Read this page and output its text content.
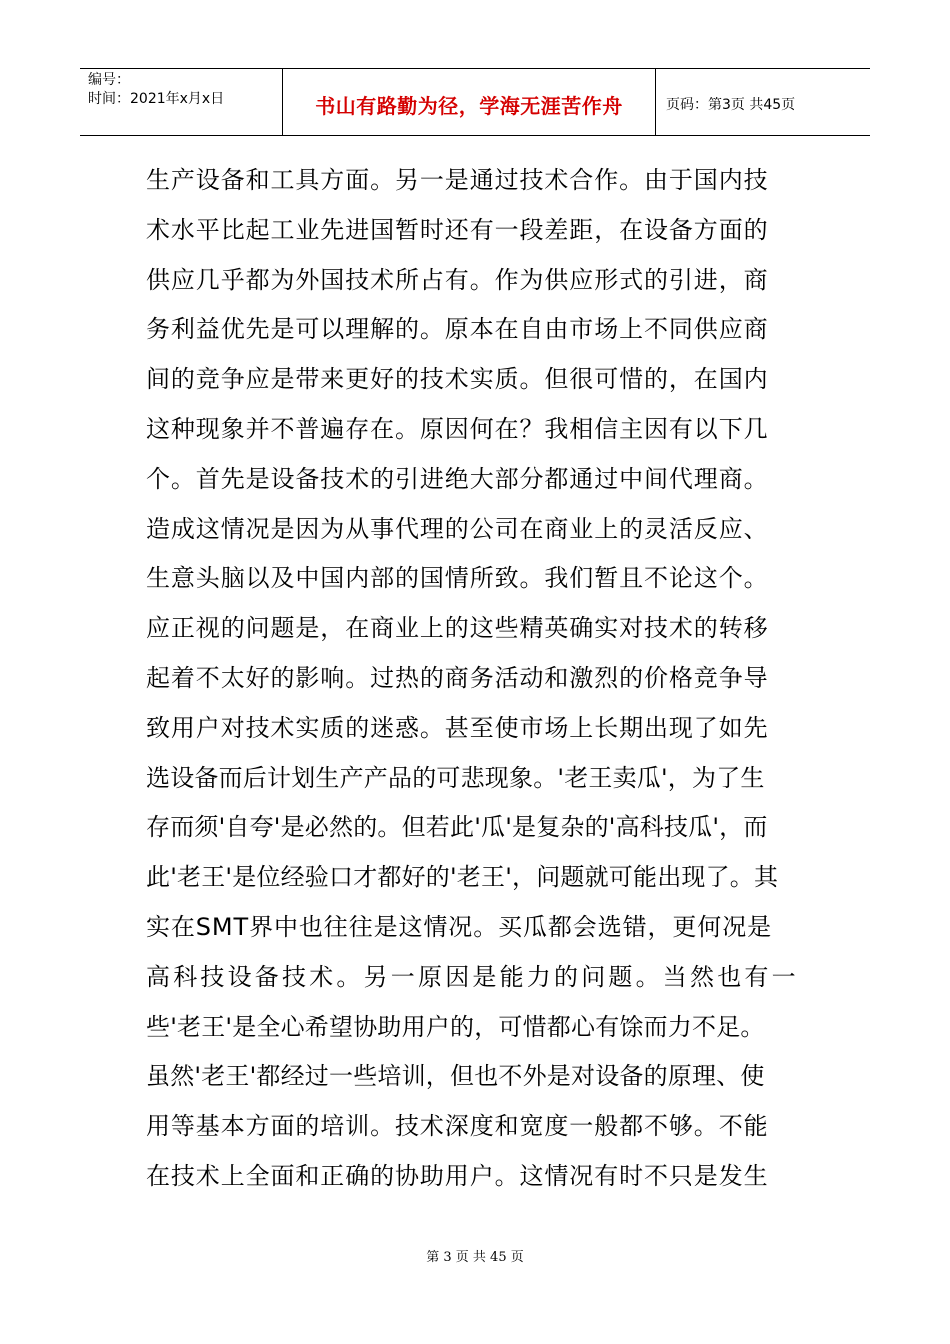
编号：
时间：2021年x月x日	书山有路勤为径，学海无涯苦作舟	页码：第3页 共45页
生产设备和工具方面。另一是通过技术合作。由于国内技
术水平比起工业先进国暂时还有一段差距，在设备方面的
供应几乎都为外国技术所占有。作为供应形式的引进，商
务利益优先是可以理解的。原本在自由市场上不同供应商
间的竞争应是带来更好的技术实质。但很可惜的，在国内
这种现象并不普遍存在。原因何在？我相信主因有以下几
个。首先是设备技术的引进绝大部分都通过中间代理商。
造成这情况是因为从事代理的公司在商业上的灵活反应、
生意头脑以及中国内部的国情所致。我们暂且不论这个。
应正视的问题是，在商业上的这些精英确实对技术的转移
起着不太好的影响。过热的商务活动和激烈的价格竞争导
致用户对技术实质的迷惑。甚至使市场上长期出现了如先
选设备而后计划生产产品的可悲现象。'老王卖瓜'，为了生
存而须'自夸'是必然的。但若此'瓜'是复杂的'高科技瓜'，而
此'老王'是位经验口才都好的'老王'，问题就可能出现了。其
实在SMT界中也往往是这情况。买瓜都会选错，更何况是
高科技设备技术。另一原因是能力的问题。当然也有一
些'老王'是全心希望协助用户的，可惜都心有馀而力不足。
虽然'老王'都经过一些培训，但也不外是对设备的原理、使
用等基本方面的培训。技术深度和宽度一般都不够。不能
在技术上全面和正确的协助用户。这情况有时不只是发生
第 3 页 共 45 页
